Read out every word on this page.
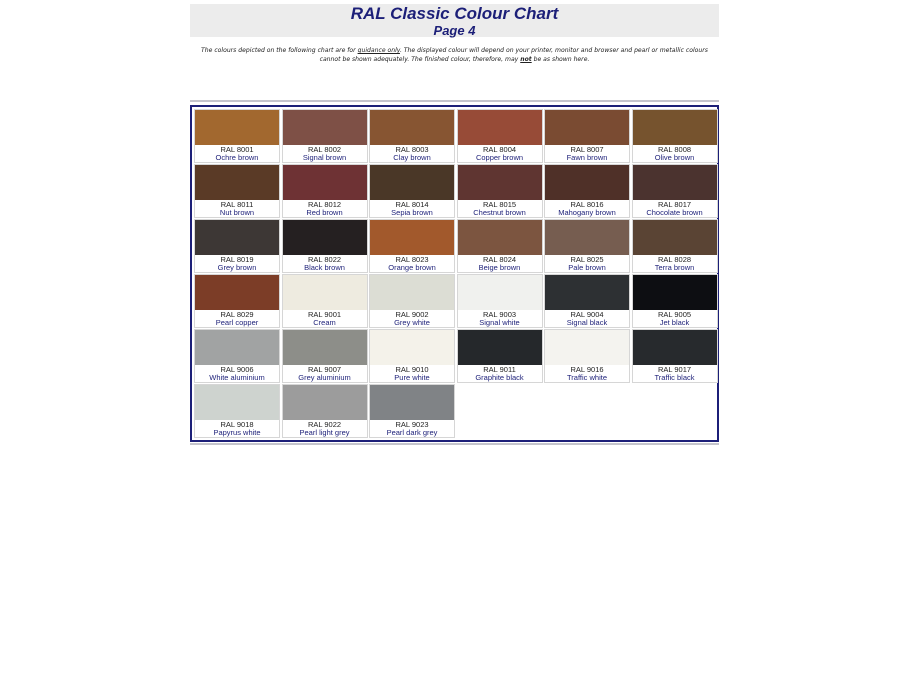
RAL Classic Colour Chart
Page 4
The colours depicted on the following chart are for guidance only. The displayed colour will depend on your printer, monitor and browser and pearl or metallic colours cannot be shown adequately. The finished colour, therefore, may not be as shown here.
RAL 8001
Ochre brown
RAL 8002
Signal brown
RAL 8003
Clay brown
RAL 8004
Copper brown
RAL 8007
Fawn brown
RAL 8008
Olive brown
RAL 8011
Nut brown
RAL 8012
Red brown
RAL 8014
Sepia brown
RAL 8015
Chestnut brown
RAL 8016
Mahogany brown
RAL 8017
Chocolate brown
RAL 8019
Grey brown
RAL 8022
Black brown
RAL 8023
Orange brown
RAL 8024
Beige brown
RAL 8025
Pale brown
RAL 8028
Terra brown
RAL 8029
Pearl copper
RAL 9001
Cream
RAL 9002
Grey white
RAL 9003
Signal white
RAL 9004
Signal black
RAL 9005
Jet black
RAL 9006
White aluminium
RAL 9007
Grey aluminium
RAL 9010
Pure white
RAL 9011
Graphite black
RAL 9016
Traffic white
RAL 9017
Traffic black
RAL 9018
Papyrus white
RAL 9022
Pearl light grey
RAL 9023
Pearl dark grey
